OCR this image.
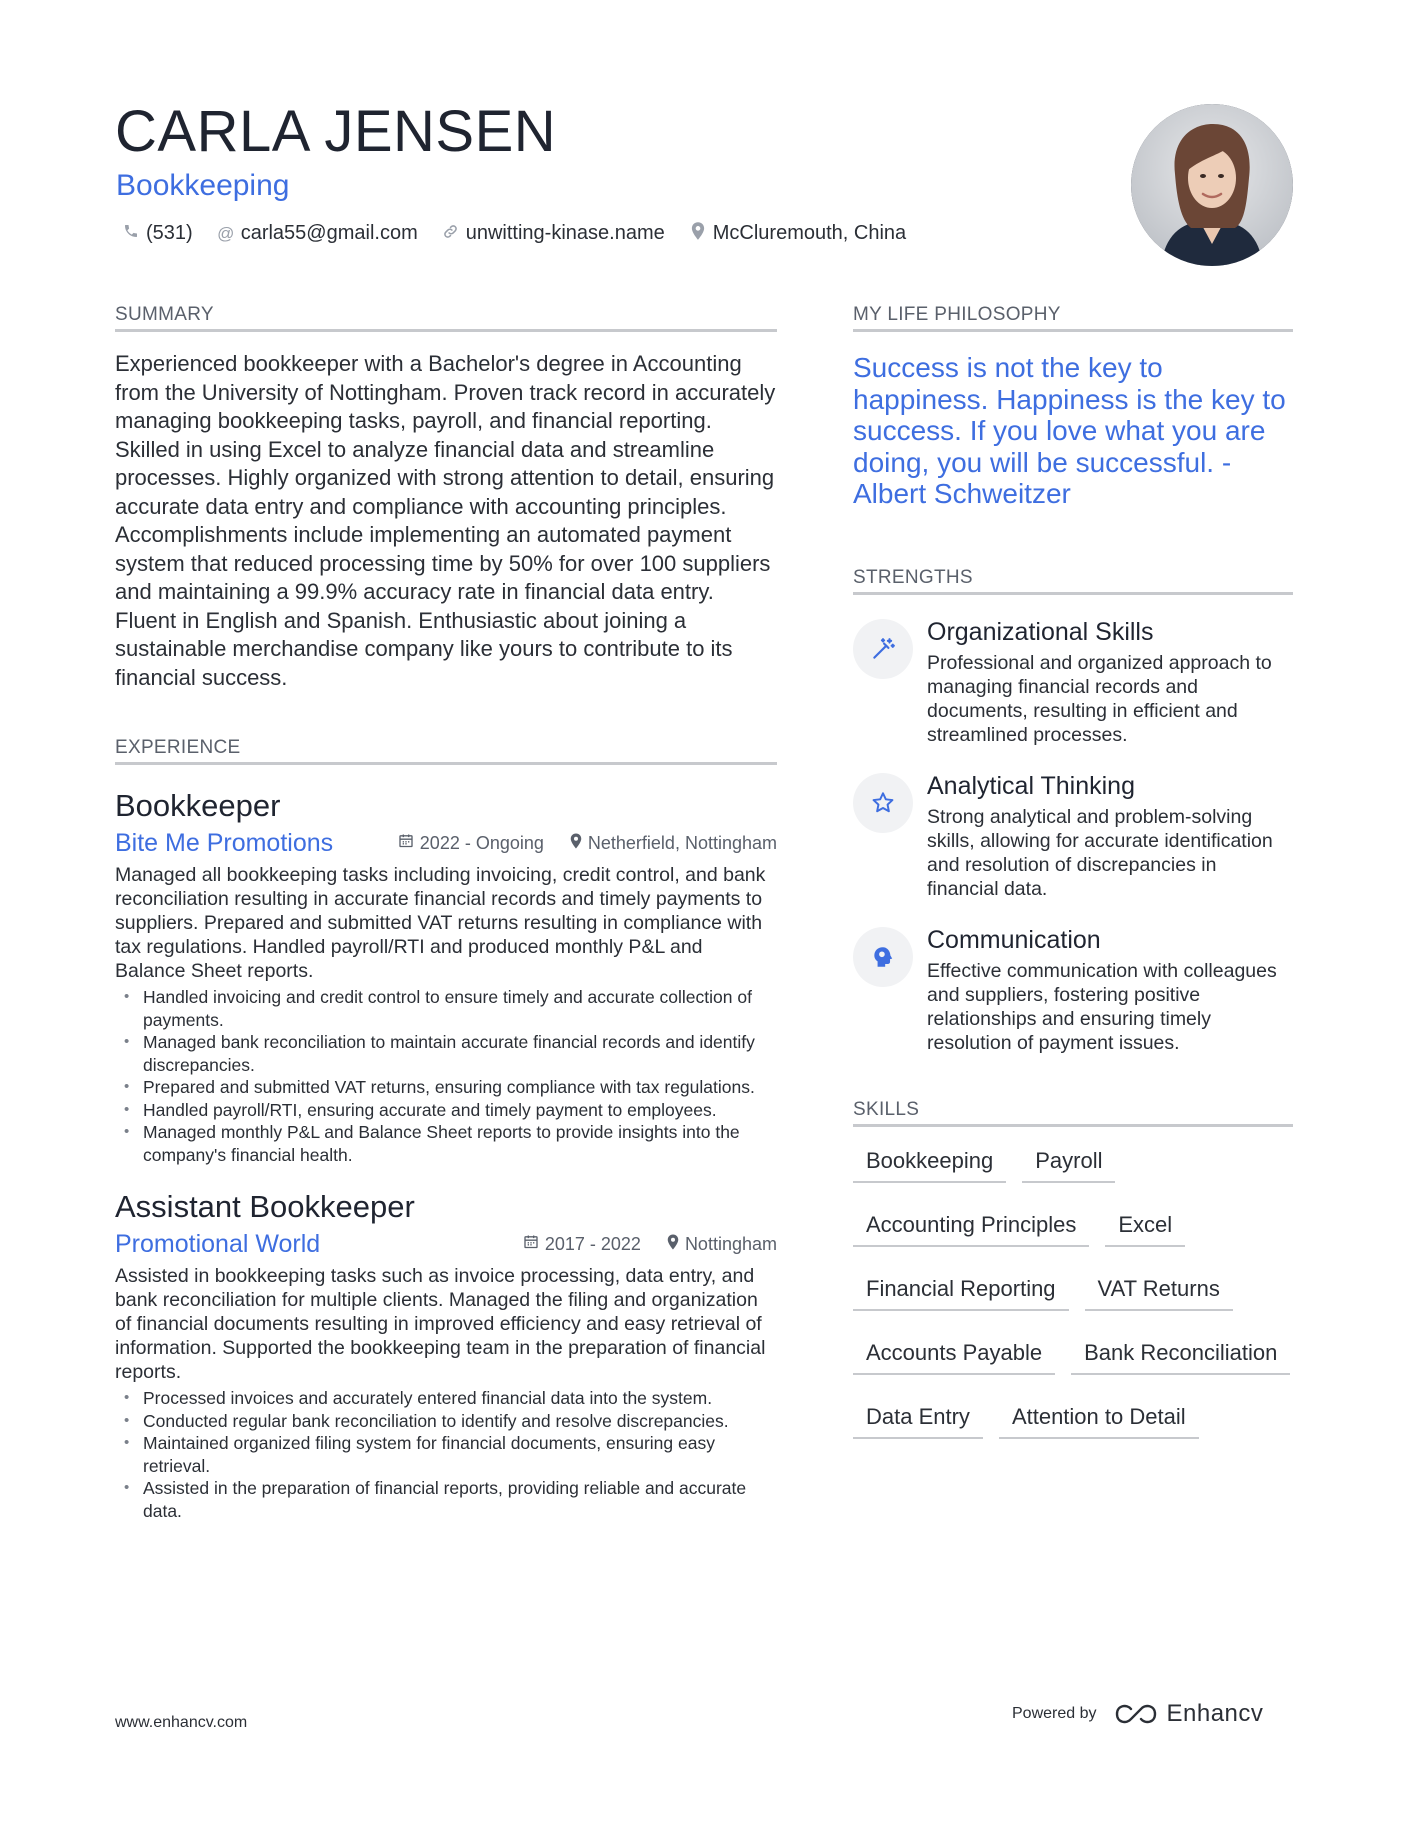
CARLA JENSEN
Bookkeeping
(531) @ carla55@gmail.com unwitting-kinase.name McCluremouth, China
SUMMARY

Experienced bookkeeper with a Bachelor's degree in Accounting from the University of Nottingham. Proven track record in accurately managing bookkeeping tasks, payroll, and financial reporting. Skilled in using Excel to analyze financial data and streamline processes. Highly organized with strong attention to detail, ensuring accurate data entry and compliance with accounting principles. Accomplishments include implementing an automated payment system that reduced processing time by 50% for over 100 suppliers and maintaining a 99.9% accuracy rate in financial data entry. Fluent in English and Spanish. Enthusiastic about joining a sustainable merchandise company like yours to contribute to its financial success.

EXPERIENCE
Bookkeeper
Bite Me Promotions	2022 - Ongoing Netherfield, Nottingham

Managed all bookkeeping tasks including invoicing, credit control, and bank reconciliation resulting in accurate financial records and timely payments to suppliers. Prepared and submitted VAT returns resulting in compliance with tax regulations. Handled payroll/RTI and produced monthly P&L and Balance Sheet reports.

• Handled invoicing and credit control to ensure timely and accurate collection of payments.
• Managed bank reconciliation to maintain accurate financial records and identify discrepancies.
• Prepared and submitted VAT returns, ensuring compliance with tax regulations.
• Handled payroll/RTI, ensuring accurate and timely payment to employees.
• Managed monthly P&L and Balance Sheet reports to provide insights into the company's financial health.
Assistant Bookkeeper
Promotional World	2017 - 2022 Nottingham

Assisted in bookkeeping tasks such as invoice processing, data entry, and bank reconciliation for multiple clients. Managed the filing and organization of financial documents resulting in improved efficiency and easy retrieval of information. Supported the bookkeeping team in the preparation of financial reports.

• Processed invoices and accurately entered financial data into the system.
• Conducted regular bank reconciliation to identify and resolve discrepancies.
• Maintained organized filing system for financial documents, ensuring easy retrieval.
• Assisted in the preparation of financial reports, providing reliable and accurate data.
MY LIFE PHILOSOPHY

Success is not the key to happiness. Happiness is the key to success. If you love what you are doing, you will be successful. - Albert Schweitzer

STRENGTHS
Organizational Skills

Professional and organized approach to managing financial records and documents, resulting in efficient and streamlined processes.

Analytical Thinking

Strong analytical and problem-solving skills, allowing for accurate identification and resolution of discrepancies in financial data.

Communication

Effective communication with colleagues and suppliers, fostering positive relationships and ensuring timely resolution of payment issues.

SKILLS
Bookkeeping	Payroll
Accounting Principles	Excel
Financial Reporting	VAT Returns
Accounts Payable	Bank Reconciliation
Data Entry	Attention to Detail
www.enhancv.com
Powered by	Enhancv
